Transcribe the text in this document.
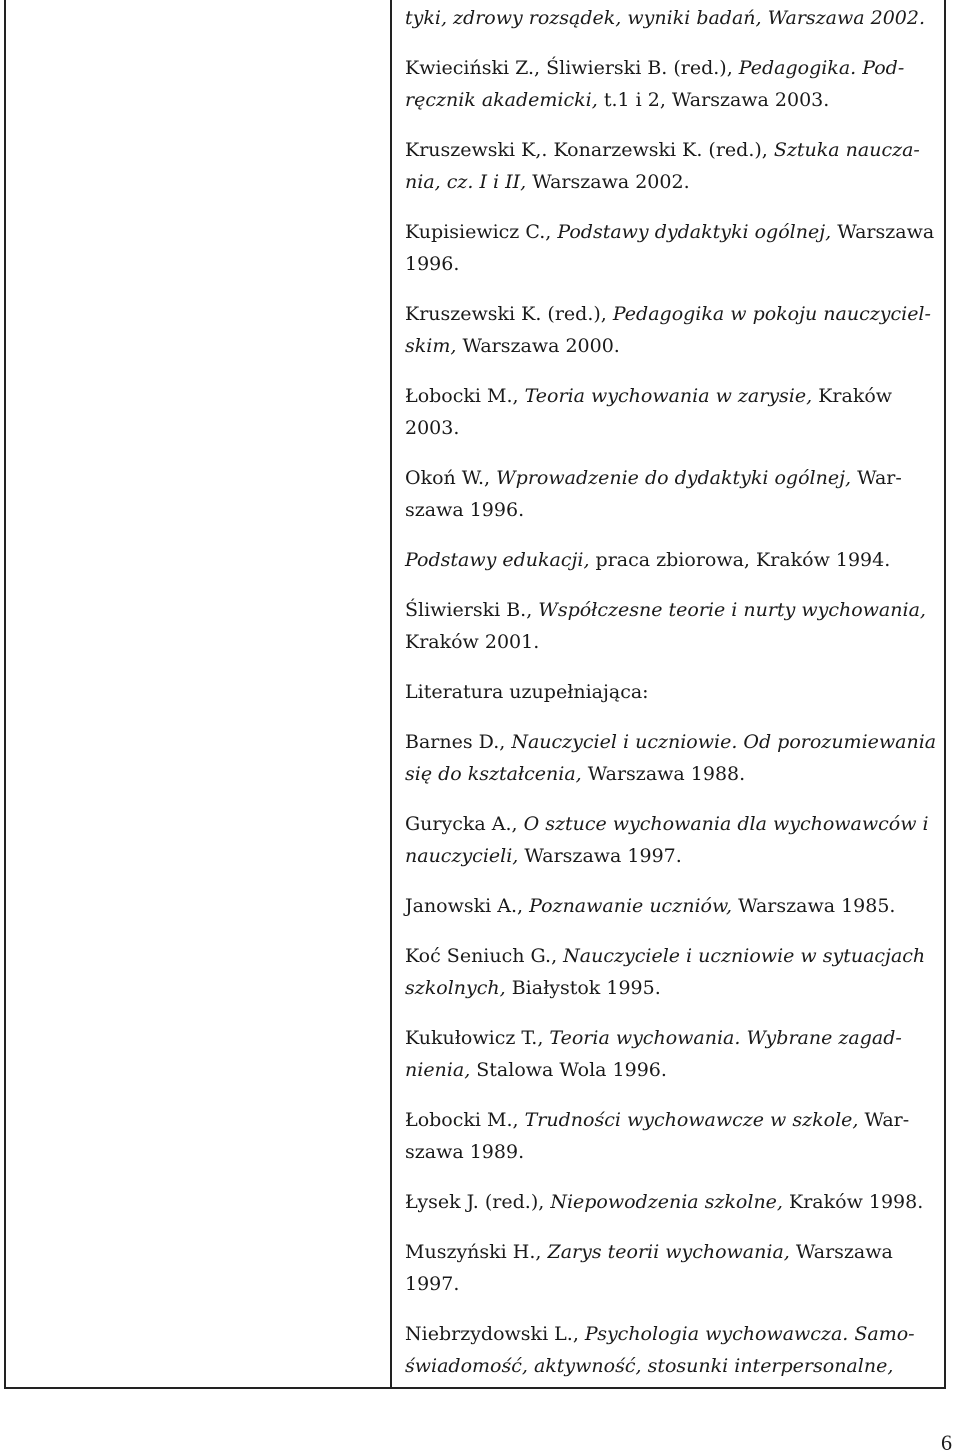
tyki, zdrowy rozsądek, wyniki badań, Warszawa 2002.
Kwieciński Z., Śliwierski B. (red.), Pedagogika. Pod-
ręcznik akademicki, t.1 i 2, Warszawa 2003.
Kruszewski K,. Konarzewski K. (red.), Sztuka naucza-
nia, cz. I i II, Warszawa 2002.
Kupisiewicz C., Podstawy dydaktyki ogólnej, Warszawa
1996.
Kruszewski K. (red.), Pedagogika w pokoju nauczyciel-
skim, Warszawa 2000.
Łobocki M., Teoria wychowania w zarysie, Kraków
2003.
Okoń W., Wprowadzenie do dydaktyki ogólnej, War-
szawa 1996.
Podstawy edukacji, praca zbiorowa, Kraków 1994.
Śliwierski B., Współczesne teorie i nurty wychowania,
Kraków 2001.
Literatura uzupełniająca:
Barnes D., Nauczyciel i uczniowie. Od porozumiewania
się do kształcenia, Warszawa 1988.
Gurycka A., O sztuce wychowania dla wychowawców i
nauczycieli, Warszawa 1997.
Janowski A., Poznawanie uczniów, Warszawa 1985.
Koć Seniuch G., Nauczyciele i uczniowie w sytuacjach
szkolnych, Białystok 1995.
Kukułowicz T., Teoria wychowania. Wybrane zagad-
nienia, Stalowa Wola 1996.
Łobocki M., Trudności wychowawcze w szkole, War-
szawa 1989.
Łysek J. (red.), Niepowodzenia szkolne, Kraków 1998.
Muszyński H., Zarys teorii wychowania, Warszawa
1997.
Niebrzydowski L., Psychologia wychowawcza. Samo-
świadomość, aktywność, stosunki interpersonalne,
6
